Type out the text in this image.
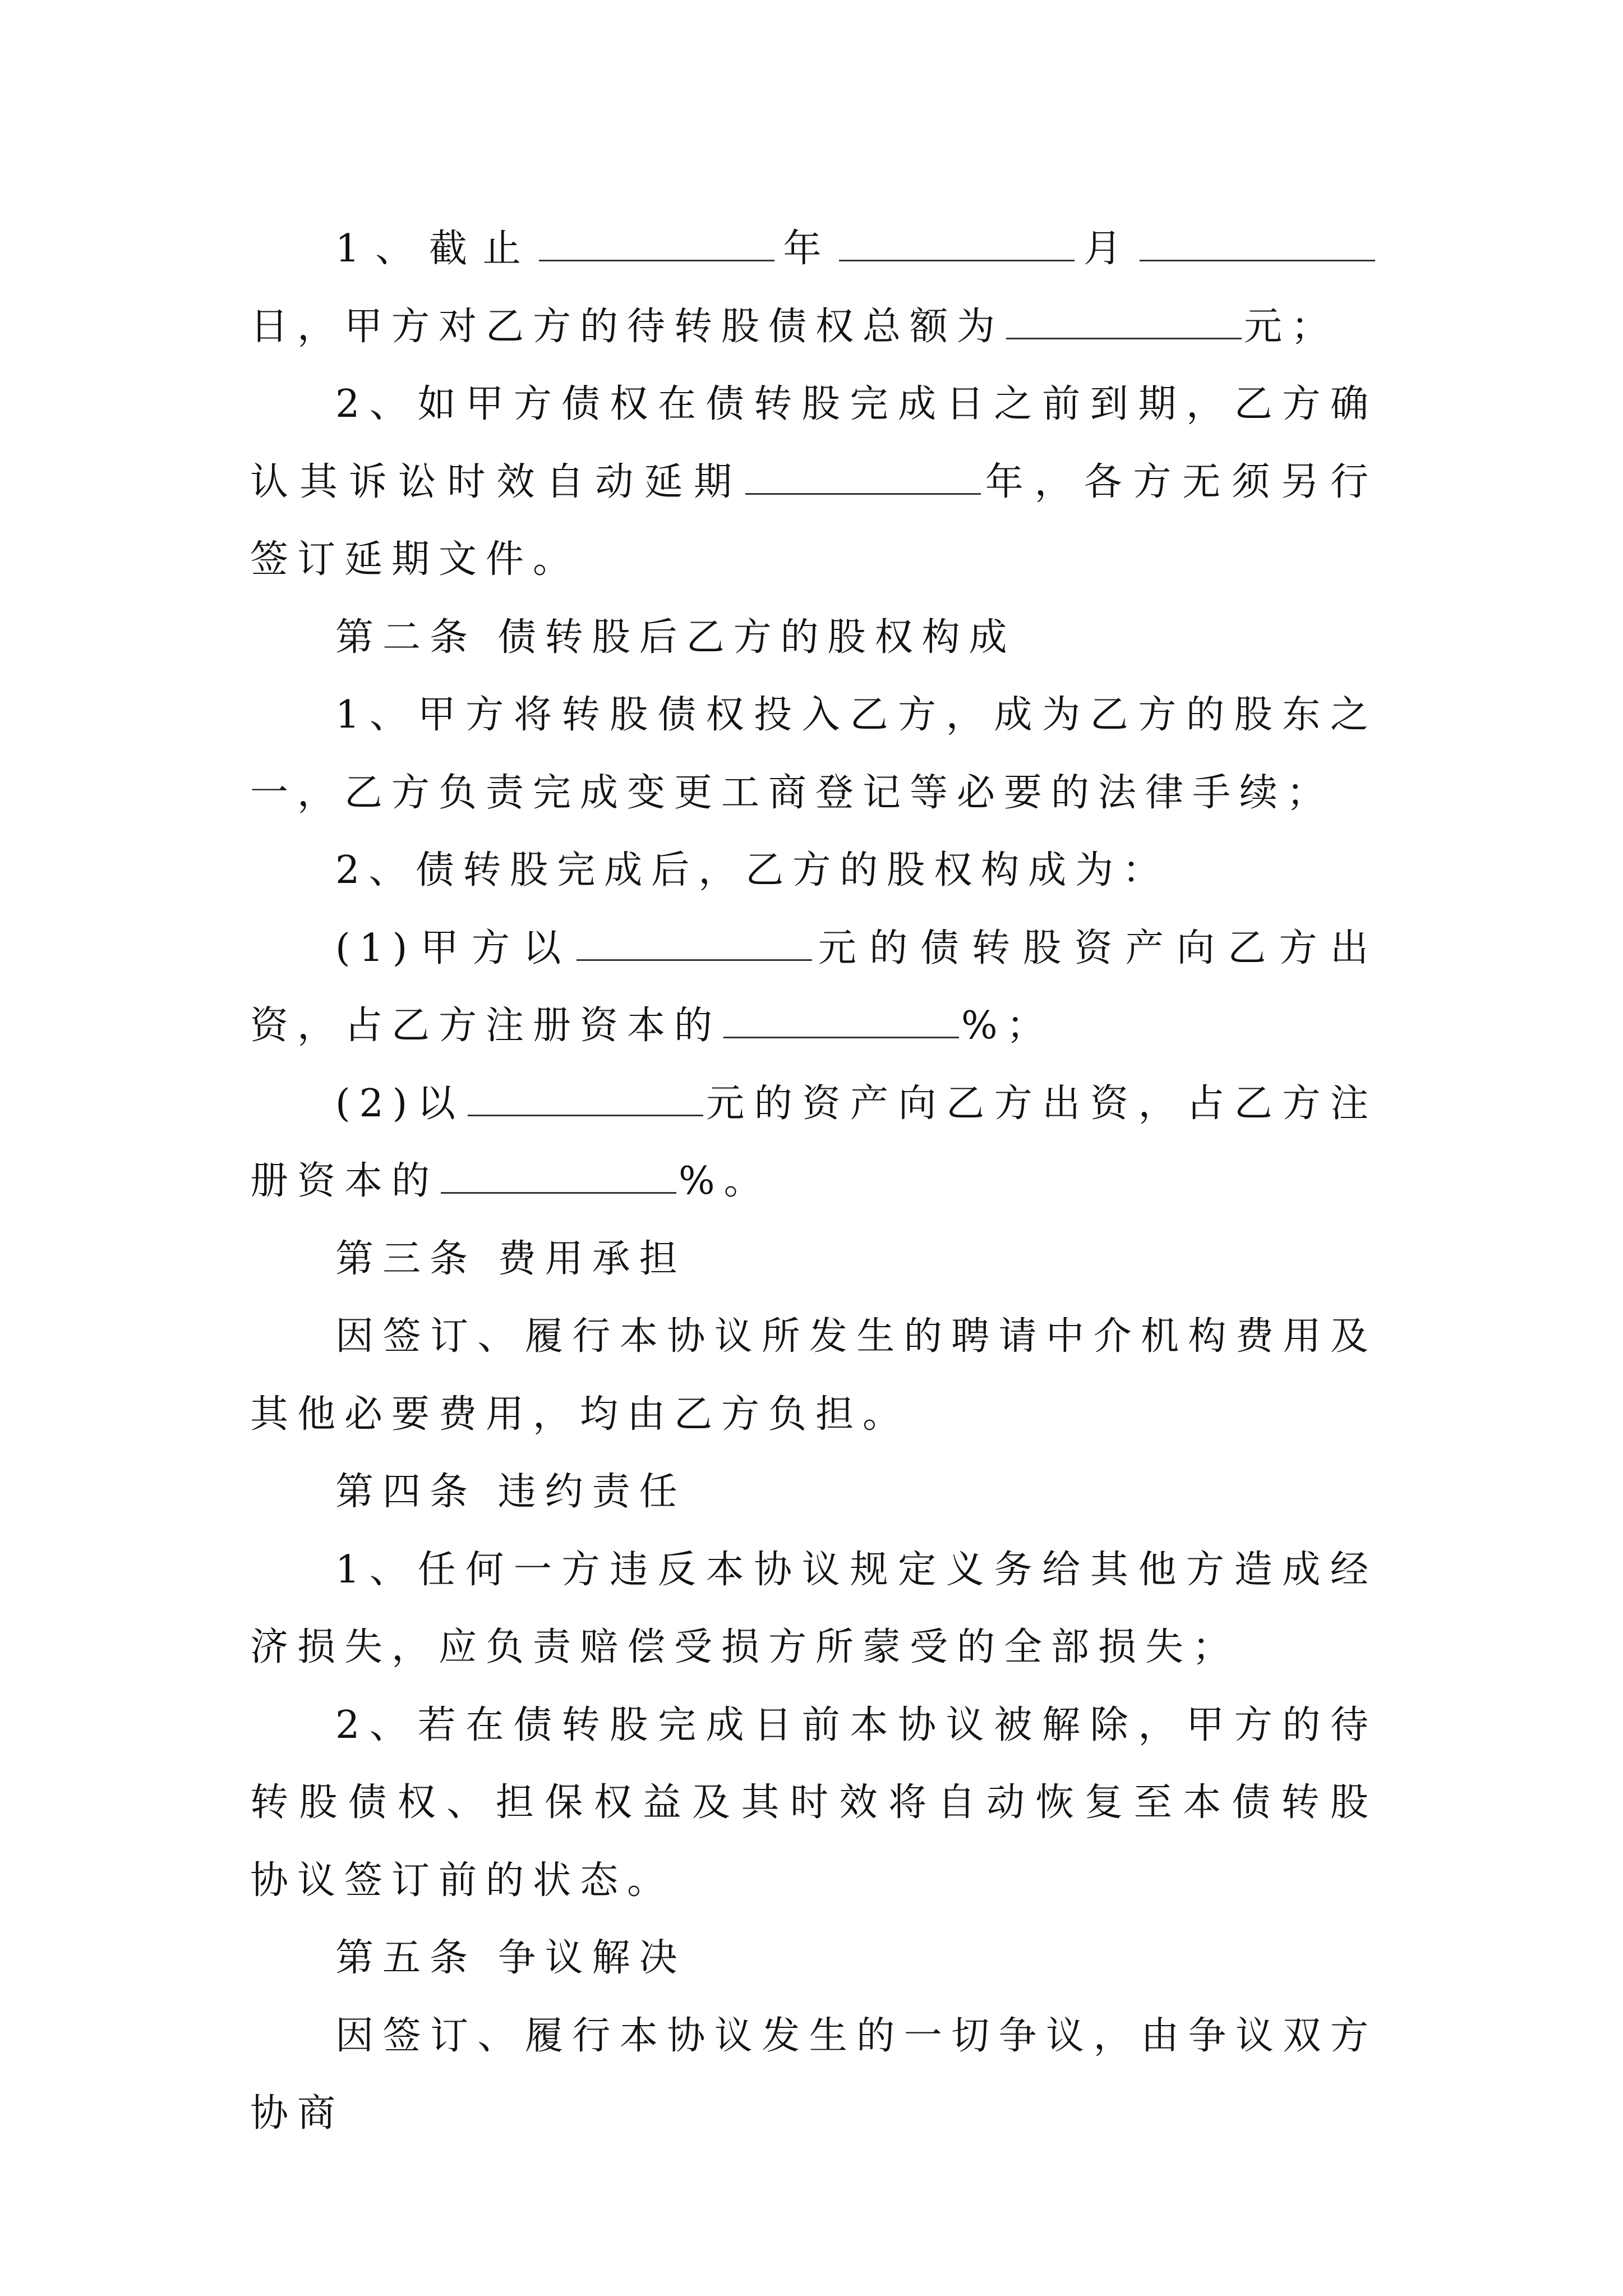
1、截止	年	月日，甲方对乙方的待转股债权总额为	元；

2、如甲方债权在债转股完成日之前到期，乙方确认其诉讼时效自动延期	年，各方无须另行签订延期文件。

第二条 债转股后乙方的股权构成

1、甲方将转股债权投入乙方，成为乙方的股东之一，乙方负责完成变更工商登记等必要的法律手续；

2、债转股完成后，乙方的股权构成为：

(1)甲方以	元的债转股资产向乙方出资，占乙方注册资本的	%；

(2)以	元的资产向乙方出资，占乙方注册资本的	%。

第三条 费用承担

因签订、履行本协议所发生的聘请中介机构费用及其他必要费用，均由乙方负担。

第四条 违约责任

1、任何一方违反本协议规定义务给其他方造成经济损失，应负责赔偿受损方所蒙受的全部损失；

2、若在债转股完成日前本协议被解除，甲方的待转股债权、担保权益及其时效将自动恢复至本债转股协议签订前的状态。

第五条 争议解决

因签订、履行本协议发生的一切争议，由争议双方协商
